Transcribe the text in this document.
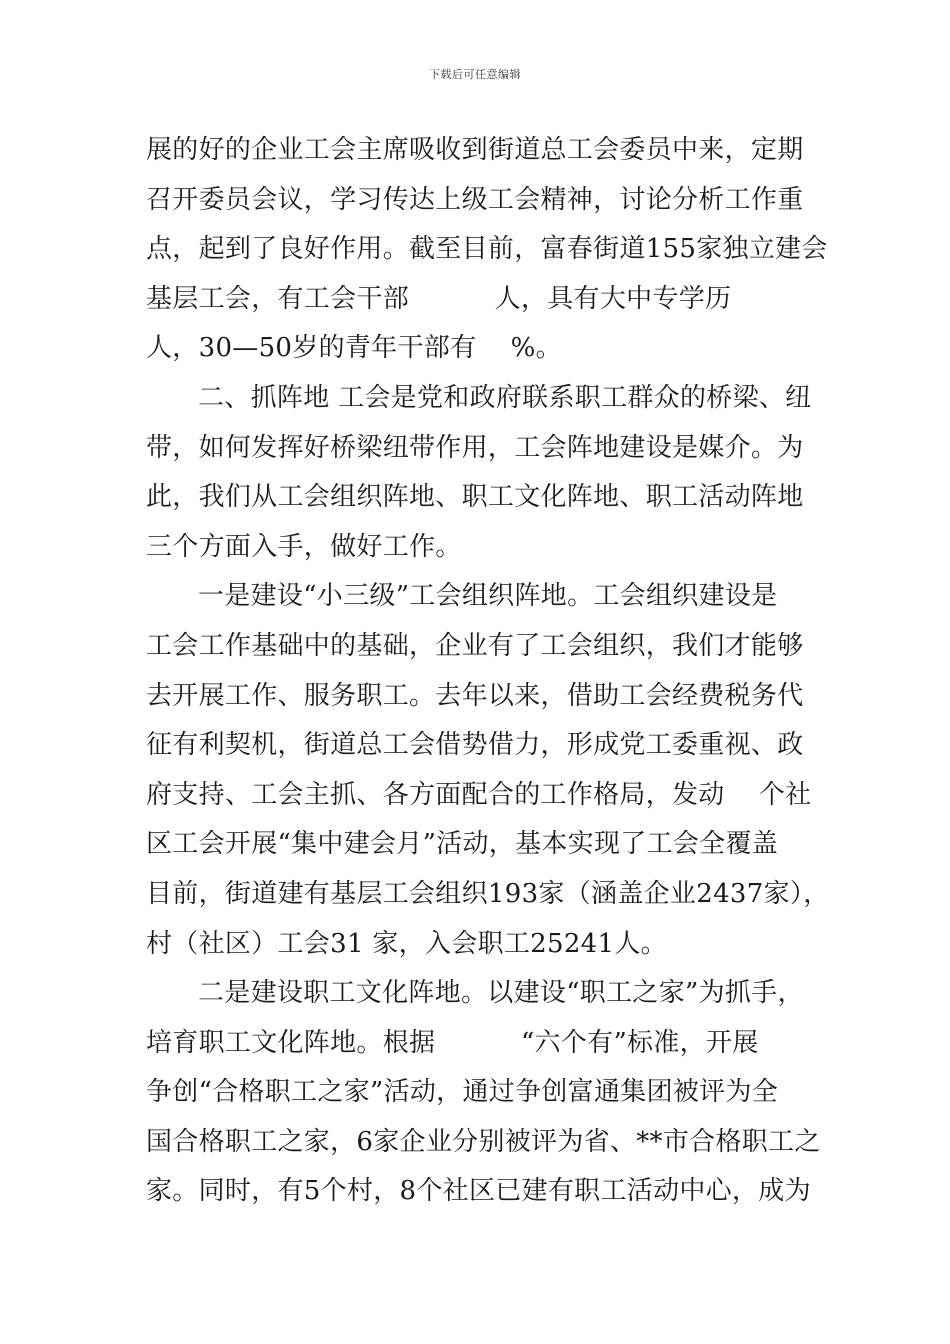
下载后可任意编辑
展的好的企业工会主席吸收到街道总工会委员中来，定期
召开委员会议，学习传达上级工会精神，讨论分析工作重
点，起到了良好作用。截至目前，富春街道155家独立建会
基层工会，有工会干部          人，具有大中专学历
人，30—50岁的青年干部有    %。
二、抓阵地 工会是党和政府联系职工群众的桥梁、纽
带，如何发挥好桥梁纽带作用，工会阵地建设是媒介。为
此，我们从工会组织阵地、职工文化阵地、职工活动阵地
三个方面入手，做好工作。
一是建设“小三级”工会组织阵地。工会组织建设是
工会工作基础中的基础，企业有了工会组织，我们才能够
去开展工作、服务职工。去年以来，借助工会经费税务代
征有利契机，街道总工会借势借力，形成党工委重视、政
府支持、工会主抓、各方面配合的工作格局，发动    个社
区工会开展“集中建会月”活动，基本实现了工会全覆盖
目前，街道建有基层工会组织193家（涵盖企业2437家），
村（社区）工会31 家，入会职工25241人。
二是建设职工文化阵地。以建设“职工之家”为抓手，
培育职工文化阵地。根据          “六个有”标准，开展
争创“合格职工之家”活动，通过争创富通集团被评为全
国合格职工之家，6家企业分别被评为省、**市合格职工之
家。同时，有5个村，8个社区已建有职工活动中心，成为
